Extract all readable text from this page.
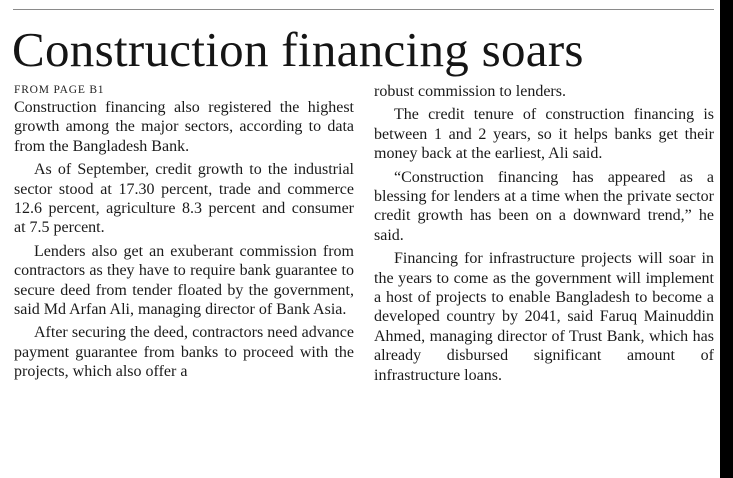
Construction financing soars
FROM PAGE B1

Construction financing also registered the highest growth among the major sectors, according to data from the Bangladesh Bank.

As of September, credit growth to the industrial sector stood at 17.30 percent, trade and commerce 12.6 percent, agriculture 8.3 percent and consumer at 7.5 percent.

Lenders also get an exuberant commission from contractors as they have to require bank guarantee to secure deed from tender floated by the government, said Md Arfan Ali, managing director of Bank Asia.

After securing the deed, contractors need advance payment guarantee from banks to proceed with the projects, which also offer a

robust commission to lenders.

The credit tenure of construction financing is between 1 and 2 years, so it helps banks get their money back at the earliest, Ali said.

“Construction financing has appeared as a blessing for lenders at a time when the private sector credit growth has been on a downward trend,” he said.

Financing for infrastructure projects will soar in the years to come as the government will implement a host of projects to enable Bangladesh to become a developed country by 2041, said Faruq Mainuddin Ahmed, managing director of Trust Bank, which has already disbursed significant amount of infrastructure loans.
